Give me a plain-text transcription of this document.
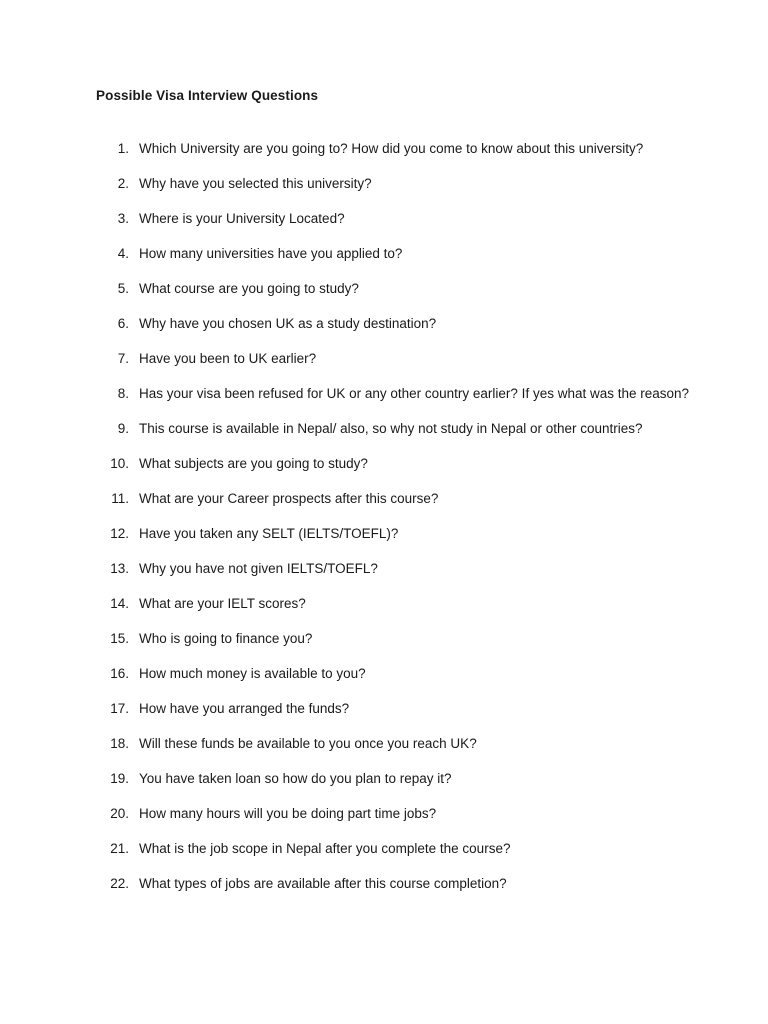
Possible Visa Interview Questions
1. Which University are you going to? How did you come to know about this university?
2. Why have you selected this university?
3. Where is your University Located?
4. How many universities have you applied to?
5. What course are you going to study?
6. Why have you chosen UK as a study destination?
7. Have you been to UK earlier?
8. Has your visa been refused for UK or any other country earlier? If yes what was the reason?
9. This course is available in Nepal/ also, so why not study in Nepal or other countries?
10. What subjects are you going to study?
11. What are your Career prospects after this course?
12. Have you taken any SELT (IELTS/TOEFL)?
13. Why you have not given IELTS/TOEFL?
14. What are your IELT scores?
15. Who is going to finance you?
16. How much money is available to you?
17. How have you arranged the funds?
18. Will these funds be available to you once you reach UK?
19. You have taken loan so how do you plan to repay it?
20. How many hours will you be doing part time jobs?
21. What is the job scope in Nepal after you complete the course?
22. What types of jobs are available after this course completion?
